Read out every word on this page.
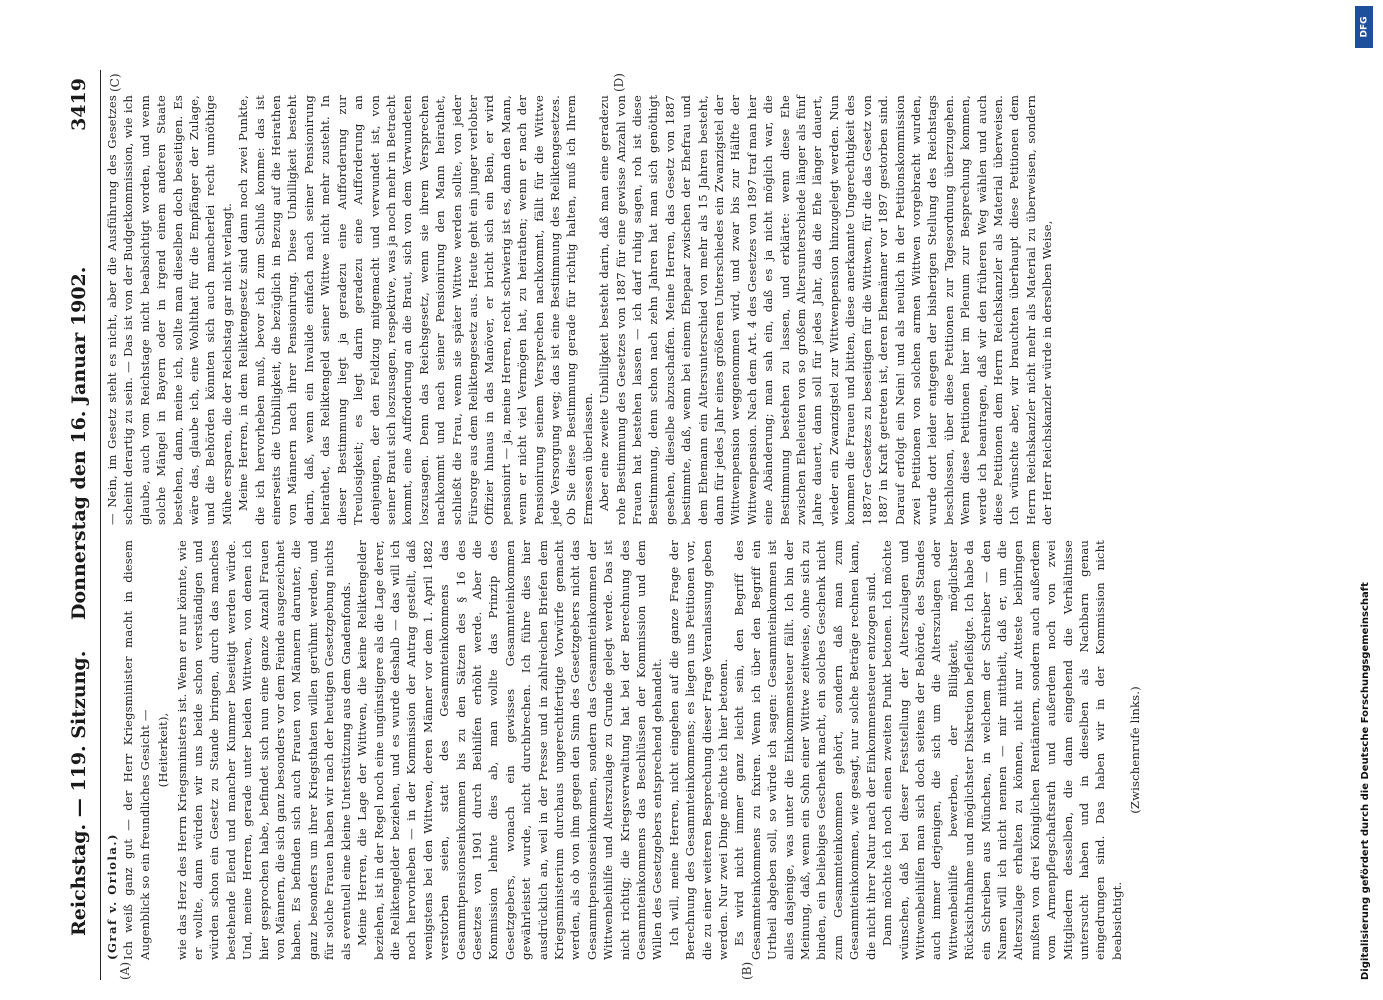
Reichstag. — 119. Sitzung.
Donnerstag den 16. Januar 1902.
3419
(A)	(B)
(C)	(D)

(Graf v. Oriola.) Ich weiß ganz gut — der Herr Kriegsminister macht in diesem Augenblick so ein freundliches Gesicht — (Heiterkeit), wie das Herz des Herrn Kriegsministers ist. Wenn er nur könnte, wie er wollte, dann würden wir uns beide schon verständigen und würden schon ein Gesetz zu Stande bringen, durch das manches bestehende Elend und mancher Kummer beseitigt werden würde. Und, meine Herren, gerade unter beiden Wittwen, von denen ich hier gesprochen habe, befindet sich nun eine ganze Anzahl Frauen von Männern, die sich ganz besonders vor dem Feinde ausgezeichnet haben. Es befinden sich auch Frauen von Männern darunter, die ganz besonders um ihrer Kriegsthaten willen gerühmt werden, und für solche Frauen haben wir nach der heutigen Gesetzgebung nichts als eventuell eine kleine Unterstützung aus dem Gnadenfonds. Meine Herren, die Lage der Wittwen, die keine Reliktengelder beziehen, ist in der Regel noch eine ungünstigere als die Lage derer, die Reliktengelder beziehen, und es wurde deshalb — das will ich noch hervorheben — in der Kommission der Antrag gestellt, daß wenigstens bei den Wittwen, deren Männer vor dem 1. April 1882 verstorben seien, statt des Gesammteinkommens das Gesammtpensionseinkommen bis zu den Sätzen des § 16 des Gesetzes von 1901 durch Beihilfen erhöht werde. Aber die Kommission lehnte dies ab, man wollte das Prinzip des Gesetzgebers, wonach ein gewisses Gesammteinkommen gewährleistet wurde, nicht durchbrechen. Ich führe dies hier ausdrücklich an, weil in der Presse und in zahlreichen Briefen dem Kriegsministerium durchaus ungerechtfertigte Vorwürfe gemacht werden, als ob von ihm gegen den Sinn des Gesetzgebers nicht das Gesammtpensionseinkommen, sondern das Gesammteinkommen der Wittwenbeihilfe und Alterszulage zu Grunde gelegt werde. Das ist nicht richtig; die Kriegsverwaltung hat bei der Berechnung des Gesammteinkommens das Beschlüssen der Kommission und dem Willen des Gesetzgebers entsprechend gehandelt. Ich will, meine Herren, nicht eingehen auf die ganze Frage der Berechnung des Gesammteinkommens; es liegen uns Petitionen vor, die zu einer weiteren Besprechung dieser Frage Veranlassung geben werden. Nur zwei Dinge möchte ich hier betonen. Es wird nicht immer ganz leicht sein, den Begriff des Gesammteinkommens zu fixiren. Wenn ich über den Begriff ein Urtheil abgeben soll, so würde ich sagen: Gesammteinkommen ist alles dasjenige, was unter die Einkommensteuer fällt. Ich bin der Meinung, daß, wenn ein Sohn einer Wittwe zeitweise, ohne sich zu binden, ein beliebiges Geschenk macht, ein solches Geschenk nicht zum Gesammteinkommen gehört, sondern daß man zum Gesammteinkommen, wie gesagt, nur solche Beträge rechnen kann, die nicht ihrer Natur nach der Einkommensteuer entzogen sind. Dann möchte ich noch einen zweiten Punkt betonen. Ich möchte wünschen, daß bei dieser Feststellung der Alterszulagen und Wittwenbeihilfen man sich doch seitens der Behörde, des Standes auch immer derjenigen, die sich um die Alterszulagen oder Wittwenbeihilfe bewerben, der Billigkeit, möglichster Rücksichtnahme und möglichster Diskretion befleißigte. Ich habe da ein Schreiben aus München, in welchem der Schreiber — den Namen will ich nicht nennen — mir mittheilt, daß er, um die Alterszulage erhalten zu können, nicht nur Atteste beibringen mußten von drei Königlichen Rentämtern, sondern auch außerdem vom Armenpflegschaftsrath und außerdem noch von zwei Mitgliedern desselben, die dann eingehend die Verhältnisse untersucht haben und in dieselben als Nachbarn genau eingedrungen sind. Das haben wir in der Kommission nicht beabsichtigt.

(Zwischenrufe links.)

— Nein, im Gesetz steht es nicht, aber die Ausführung des Gesetzes scheint derartig zu sein. — Das ist von der Budgetkommission, wie ich glaube, auch vom Reichstage nicht beabsichtigt worden, und wenn solche Mängel in Bayern oder in irgend einem anderen Staate bestehen, dann, meine ich, sollte man dieselben doch beseitigen. Es wäre das, glaube ich, eine Wohlthat für die Empfänger der Zulage, und die Behörden könnten sich auch mancherlei recht unnöthige Mühe ersparen, die der Reichstag gar nicht verlangt. Meine Herren, in dem Reliktengesetz sind dann noch zwei Punkte, die ich hervorheben muß, bevor ich zum Schluß komme: das ist einerseits die Unbilligkeit, die bezüglich in Bezug auf die Heirathen von Männern nach ihrer Pensionirung. Diese Unbilligkeit besteht darin, daß, wenn ein Invalide einfach nach seiner Pensionirung heirathet, das Reliktengeld seiner Wittwe nicht mehr zusteht. In dieser Bestimmung liegt ja geradezu eine Aufforderung zur Treulosigkeit; es liegt darin geradezu eine Aufforderung an denjenigen, der den Feldzug mitgemacht und verwundet ist, von seiner Braut sich loszusagen, respektive, was ja noch mehr in Betracht kommt, eine Aufforderung an die Braut, sich von dem Verwundeten loszusagen. Denn das Reichsgesetz, wenn sie ihrem Versprechen nachkommt und nach seiner Pensionirung den Mann heirathet, schließt die Frau, wenn sie später Wittwe werden sollte, von jeder Fürsorge aus dem Reliktengesetz aus. Heute geht ein junger verlobter Offizier hinaus in das Manöver, er bricht sich ein Bein, er wird pensionirt — ja, meine Herren, recht schwierig ist es, dann den Mann, wenn er nicht viel Vermögen hat, zu heirathen; wenn er nach der Pensionirung seinem Versprechen nachkommt, fällt für die Wittwe jede Versorgung weg; das ist eine Bestimmung des Reliktengesetzes. Ob Sie diese Bestimmung gerade für richtig halten, muß ich Ihrem Ermessen überlassen. Aber eine zweite Unbilligkeit besteht darin, daß man eine geradezu rohe Bestimmung des Gesetzes von 1887 für eine gewisse Anzahl von Frauen hat bestehen lassen — ich darf ruhig sagen, roh ist diese Bestimmung, denn schon nach zehn Jahren hat man sich genöthigt gesehen, dieselbe abzuschaffen. Meine Herren, das Gesetz von 1887 bestimmte, daß, wenn bei einem Ehepaar zwischen der Ehefrau und dem Ehemann ein Altersunterschied von mehr als 15 Jahren besteht, dann für jedes Jahr eines größeren Unterschiedes ein Zwanzigstel der Wittwenpension weggenommen wird, und zwar bis zur Hälfte der Wittwenpension. Nach dem Art. 4 des Gesetzes von 1897 traf man hier eine Abänderung; man sah ein, daß es ja nicht möglich war, die Bestimmung bestehen zu lassen, und erklärte: wenn diese Ehe zwischen Eheleuten von so großem Altersunterschiede länger als fünf Jahre dauert, dann soll für jedes Jahr, das die Ehe länger dauert, wieder ein Zwanzigstel zur Wittwenpension hinzugelegt werden. Nun kommen die Frauen und bitten, diese anerkannte Ungerechtigkeit des 1887er Gesetzes zu beseitigen für die Wittwen, für die das Gesetz von 1887 in Kraft getreten ist, deren Ehemänner vor 1897 gestorben sind. Darauf erfolgt ein Nein! und als neulich in der Petitionskommission zwei Petitionen von solchen armen Wittwen vorgebracht wurden, wurde dort leider entgegen der bisherigen Stellung des Reichstags beschlossen, über diese Petitionen zur Tagesordnung überzugehen. Wenn diese Petitionen hier im Plenum zur Besprechung kommen, werde ich beantragen, daß wir den früheren Weg wählen und auch diese Petitionen dem Herrn Reichskanzler als Material überweisen. Ich wünschte aber, wir brauchten überhaupt diese Petitionen dem Herrn Reichskanzler nicht mehr als Material zu überweisen, sondern der Herr Reichskanzler würde in derselben Weise,

DFG
Digitalisierung gefördert durch die Deutsche Forschungsgemeinschaft
